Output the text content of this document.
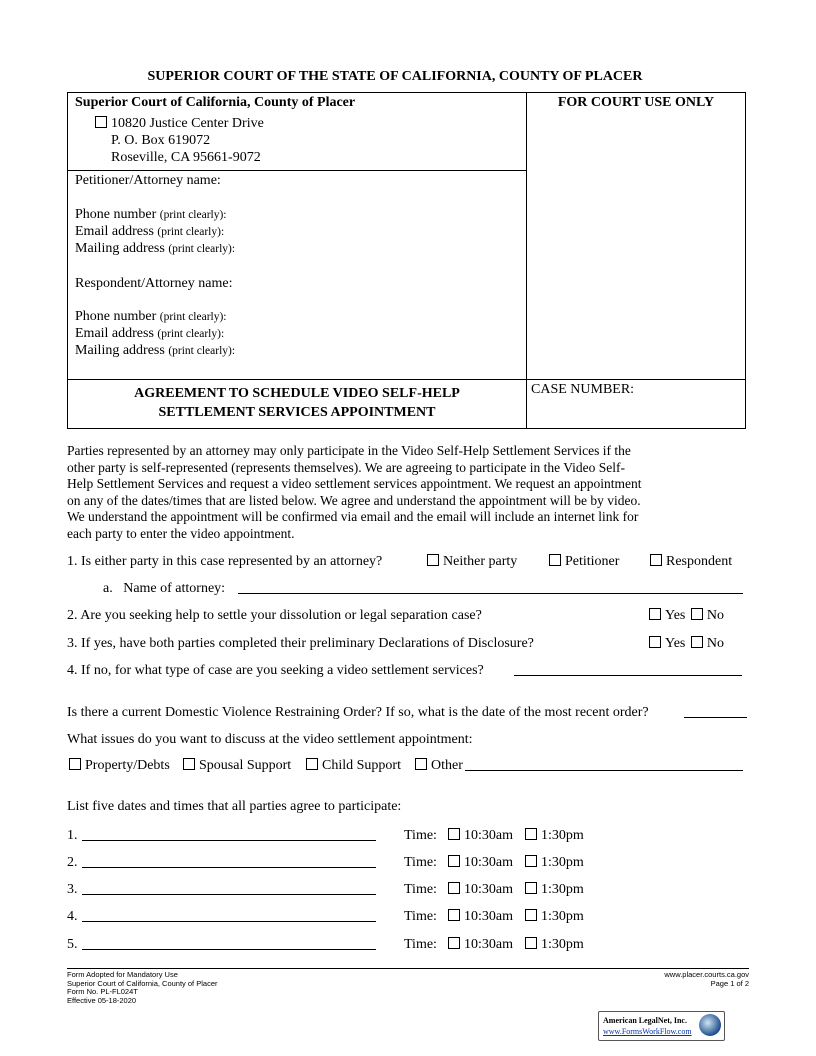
SUPERIOR COURT OF THE STATE OF CALIFORNIA, COUNTY OF PLACER
Superior Court of California, County of Placer
10820 Justice Center Drive
P. O. Box 619072
Roseville, CA 95661-9072
FOR COURT USE ONLY
Petitioner/Attorney name:
Phone number (print clearly):
Email address (print clearly):
Mailing address (print clearly):
Respondent/Attorney name:
Phone number (print clearly):
Email address (print clearly):
Mailing address (print clearly):
AGREEMENT TO SCHEDULE VIDEO SELF-HELP
SETTLEMENT SERVICES APPOINTMENT
CASE NUMBER:
Parties represented by an attorney may only participate in the Video Self-Help Settlement Services if the
other party is self-represented (represents themselves). We are agreeing to participate in the Video Self-
Help Settlement Services and request a video settlement services appointment. We request an appointment
on any of the dates/times that are listed below. We agree and understand the appointment will be by video.
We understand the appointment will be confirmed via email and the email will include an internet link for
each party to enter the video appointment.
1. Is either party in this case represented by an attorney?	Neither party	Petitioner	Respondent
a. Name of attorney:
2. Are you seeking help to settle your dissolution or legal separation case?	Yes No
3. If yes, have both parties completed their preliminary Declarations of Disclosure?	Yes No
4. If no, for what type of case are you seeking a video settlement services?
Is there a current Domestic Violence Restraining Order? If so, what is the date of the most recent order?
What issues do you want to discuss at the video settlement appointment:
Property/Debts	Spousal Support	Child Support	Other
List five dates and times that all parties agree to participate:
1.	Time:	10:30am	1:30pm
2.	Time:	10:30am	1:30pm
3.	Time:	10:30am	1:30pm
4.	Time:	10:30am	1:30pm
5.	Time:	10:30am	1:30pm
Form Adopted for Mandatory Use
Superior Court of California, County of Placer
Form No. PL-FL024T
Effective 05-18-2020
www.placer.courts.ca.gov
Page 1 of 2
American LegalNet, Inc.
www.FormsWorkFlow.com
